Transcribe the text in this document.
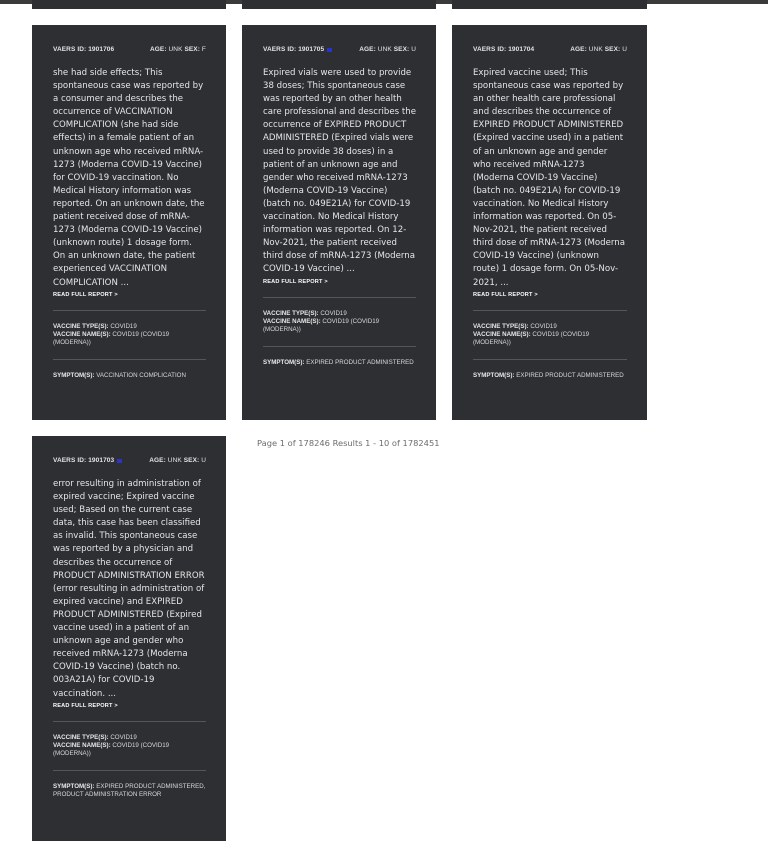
VAERS ID:
1901706	AGE: UNK SEX: F
she had side effects; This spontaneous case was reported by a consumer and describes the occurrence of VACCINATION COMPLICATION (she had side effects) in a female patient of an unknown age who received mRNA-1273 (Moderna COVID-19 Vaccine) for COVID-19 vaccination. No Medical History information was reported. On an unknown date, the patient received dose of mRNA-1273 (Moderna COVID-19 Vaccine) (unknown route) 1 dosage form. On an unknown date, the patient experienced VACCINATION COMPLICATION ...
READ FULL REPORT >
VACCINE TYPE(S): COVID19
VACCINE NAME(S): COVID19 (COVID19 (MODERNA))
SYMPTOM(S): VACCINATION COMPLICATION
VAERS ID:
1901705	AGE: UNK SEX: U
Expired vials were used to provide 38 doses; This spontaneous case was reported by an other health care professional and describes the occurrence of EXPIRED PRODUCT ADMINISTERED (Expired vials were used to provide 38 doses) in a patient of an unknown age and gender who received mRNA-1273 (Moderna COVID-19 Vaccine) (batch no. 049E21A) for COVID-19 vaccination. No Medical History information was reported. On 12-Nov-2021, the patient received third dose of mRNA-1273 (Moderna COVID-19 Vaccine) ...
READ FULL REPORT >
VACCINE TYPE(S): COVID19
VACCINE NAME(S): COVID19 (COVID19 (MODERNA))
SYMPTOM(S): EXPIRED PRODUCT ADMINISTERED
VAERS ID:
1901704	AGE: UNK SEX: U
Expired vaccine used; This spontaneous case was reported by an other health care professional and describes the occurrence of EXPIRED PRODUCT ADMINISTERED (Expired vaccine used) in a patient of an unknown age and gender who received mRNA-1273 (Moderna COVID-19 Vaccine) (batch no. 049E21A) for COVID-19 vaccination. No Medical History information was reported. On 05-Nov-2021, the patient received third dose of mRNA-1273 (Moderna COVID-19 Vaccine) (unknown route) 1 dosage form. On 05-Nov-2021, ...
READ FULL REPORT >
VACCINE TYPE(S): COVID19
VACCINE NAME(S): COVID19 (COVID19 (MODERNA))
SYMPTOM(S): EXPIRED PRODUCT ADMINISTERED
VAERS ID:
1901703	AGE: UNK SEX: U
error resulting in administration of expired vaccine; Expired vaccine used; Based on the current case data, this case has been classified as invalid. This spontaneous case was reported by a physician and describes the occurrence of PRODUCT ADMINISTRATION ERROR (error resulting in administration of expired vaccine) and EXPIRED PRODUCT ADMINISTERED (Expired vaccine used) in a patient of an unknown age and gender who received mRNA-1273 (Moderna COVID-19 Vaccine) (batch no. 003A21A) for COVID-19 vaccination. ...
READ FULL REPORT >
VACCINE TYPE(S): COVID19
VACCINE NAME(S): COVID19 (COVID19 (MODERNA))
SYMPTOM(S): EXPIRED PRODUCT ADMINISTERED, PRODUCT ADMINISTRATION ERROR
Page 1 of 178246 Results 1 - 10 of 1782451
